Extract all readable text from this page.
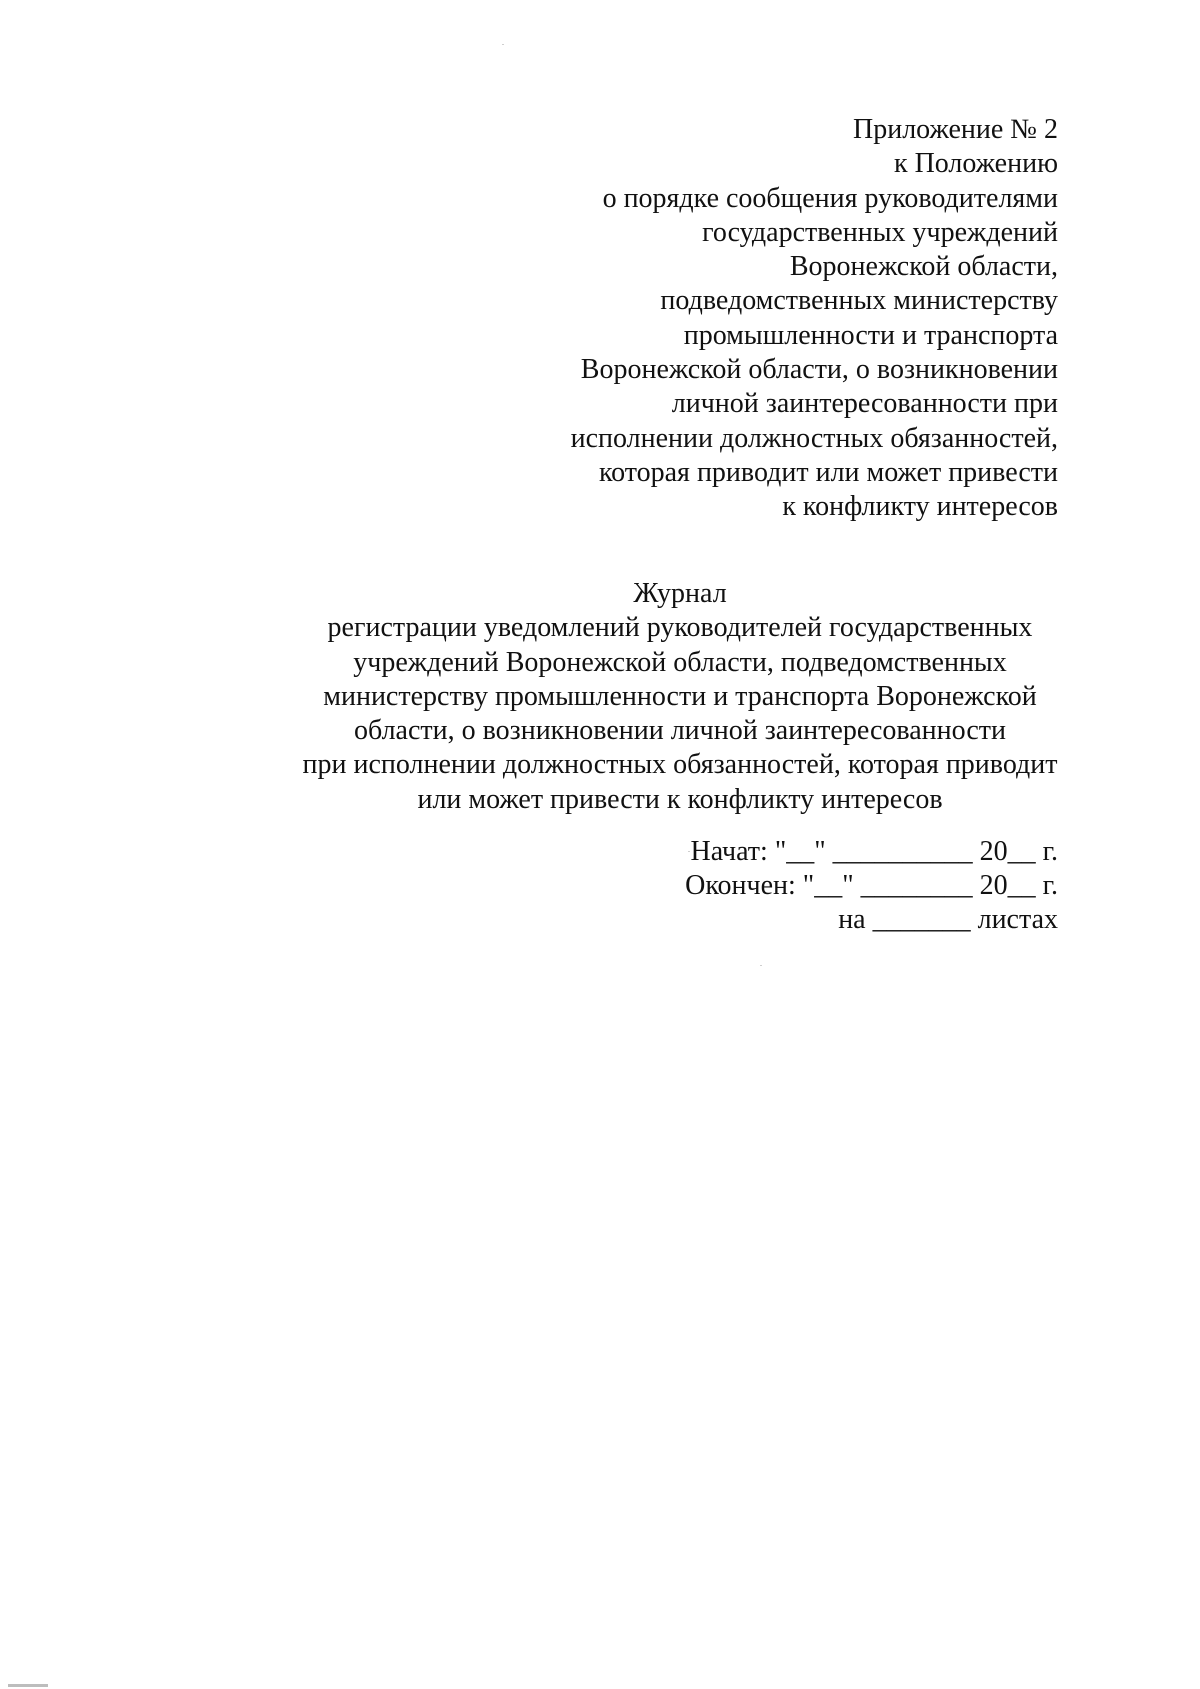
Приложение № 2
к Положению
о порядке сообщения руководителями
государственных учреждений
Воронежской области,
подведомственных министерству
промышленности и транспорта
Воронежской области, о возникновении
личной заинтересованности при
исполнении должностных обязанностей,
которая приводит или может привести
к конфликту интересов
Журнал
регистрации уведомлений руководителей государственных
учреждений Воронежской области, подведомственных
министерству промышленности и транспорта Воронежской
области, о возникновении личной заинтересованности
при исполнении должностных обязанностей, которая приводит
или может привести к конфликту интересов
Начат: "__" __________ 20__ г.
Окончен: "__" ________ 20__ г.
на _______ листах
